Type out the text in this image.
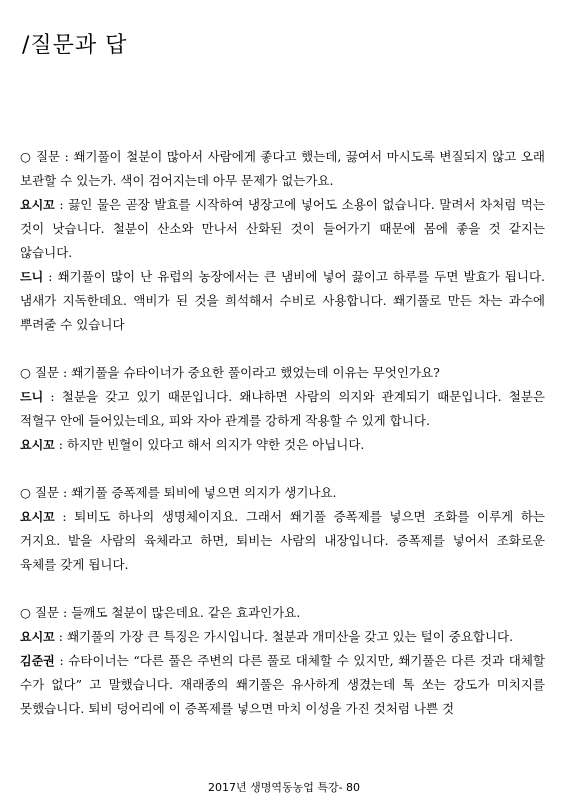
/질문과 답

○ 질문 : 쐐기풀이 철분이 많아서 사람에게 좋다고 했는데, 끓여서 마시도록 변질되지 않고 오래 보관할 수 있는가. 색이 검어지는데 아무 문제가 없는가요.

요시꼬 : 끓인 물은 곧장 발효를 시작하여 냉장고에 넣어도 소용이 없습니다. 말려서 차처럼 먹는 것이 낫습니다. 철분이 산소와 만나서 산화된 것이 들어가기 때문에 몸에 좋을 것 같지는 않습니다.

드니 : 쐐기풀이 많이 난 유럽의 농장에서는 큰 냄비에 넣어 끓이고 하루를 두면 발효가 됩니다. 냄새가 지독한데요. 액비가 된 것을 희석해서 수비로 사용합니다. 쐐기풀로 만든 차는 과수에 뿌려줄 수 있습니다

○ 질문 : 쐐기풀을 슈타이너가 중요한 풀이라고 했었는데 이유는 무엇인가요?

드니 : 철분을 갖고 있기 때문입니다. 왜냐하면 사람의 의지와 관계되기 때문입니다. 철분은 적혈구 안에 들어있는데요, 피와 자아 관계를 강하게 작용할 수 있게 합니다.

요시꼬 : 하지만 빈혈이 있다고 해서 의지가 약한 것은 아닙니다.

○ 질문 : 쐐기풀 증폭제를 퇴비에 넣으면 의지가 생기나요.

요시꼬 : 퇴비도 하나의 생명체이지요. 그래서 쐐기풀 증폭제를 넣으면 조화를 이루게 하는 거지요. 밭을 사람의 육체라고 하면, 퇴비는 사람의 내장입니다. 증폭제를 넣어서 조화로운 육체를 갖게 됩니다.

○ 질문 : 들깨도 철분이 많은데요. 같은 효과인가요.

요시꼬 : 쐐기풀의 가장 큰 특징은 가시입니다. 철분과 개미산을 갖고 있는 털이 중요합니다.

김준권 : 슈타이너는 “다른 풀은 주변의 다른 풀로 대체할 수 있지만, 쐐기풀은 다른 것과 대체할 수가 없다” 고 말했습니다. 재래종의 쐐기풀은 유사하게 생겼는데 톡 쏘는 강도가 미치지를 못했습니다. 퇴비 덩어리에 이 증폭제를 넣으면 마치 이성을 가진 것처럼 나쁜 것

2017년 생명역동농업 특강- 80
